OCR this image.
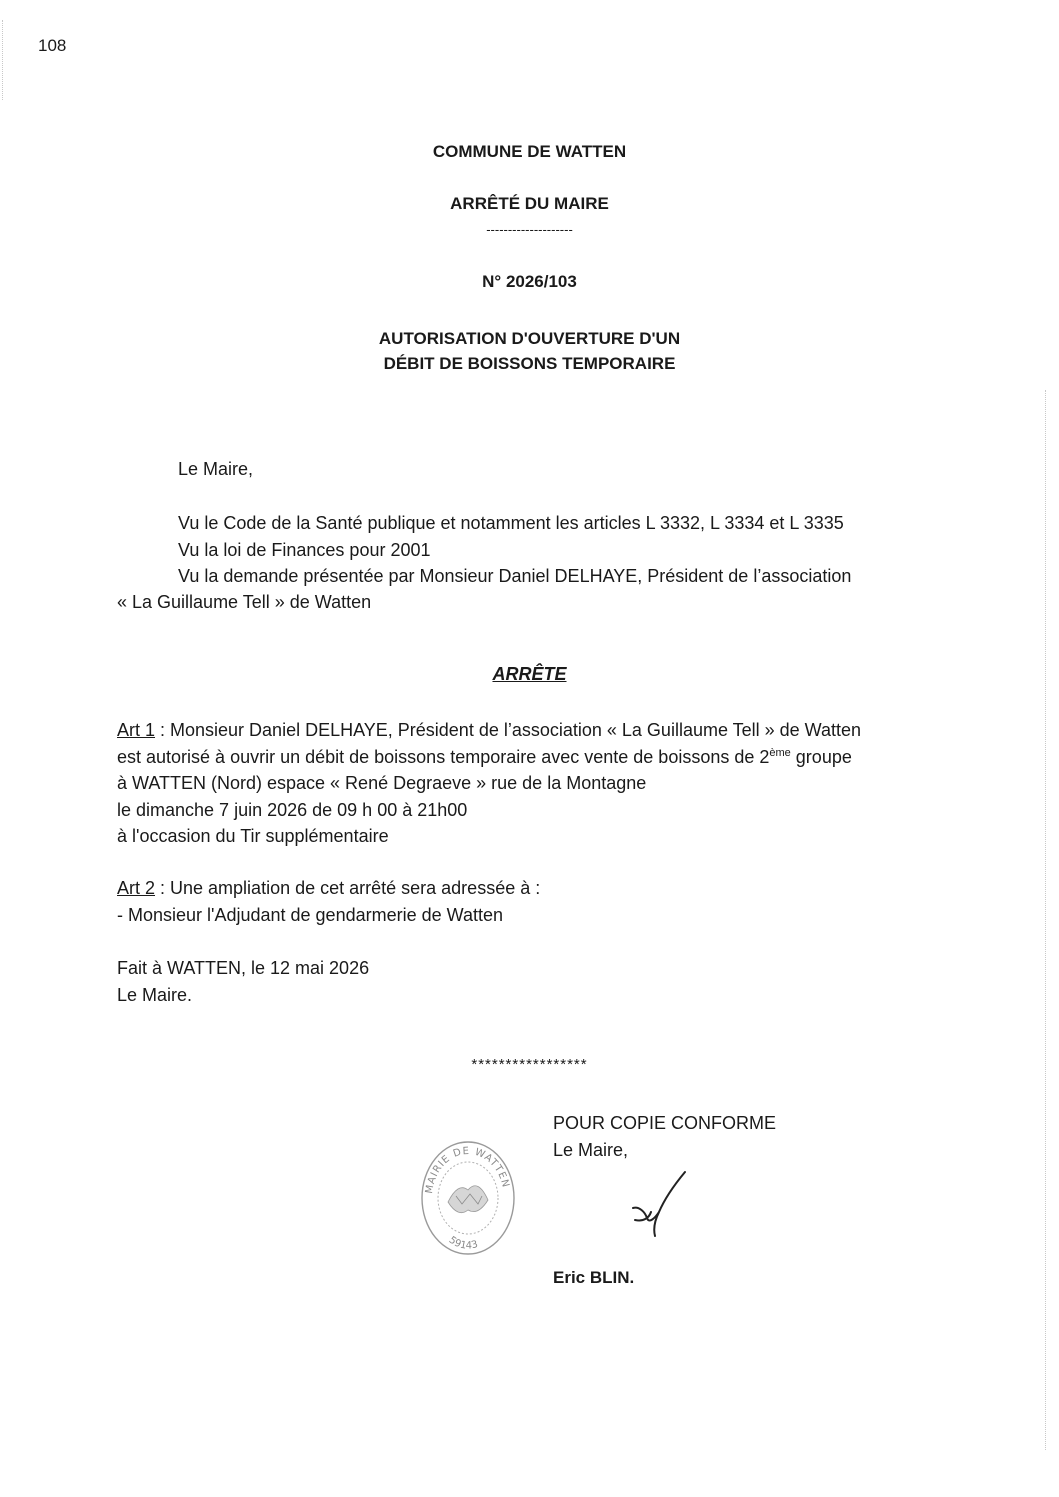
108
COMMUNE DE WATTEN
ARRÊTÉ DU MAIRE
--------------------
N° 2026/103
AUTORISATION D'OUVERTURE D'UN
DÉBIT DE BOISSONS TEMPORAIRE
Le Maire,
Vu le Code de la Santé publique et notamment les articles L 3332, L 3334 et L 3335
Vu la loi de Finances pour 2001
Vu la demande présentée par Monsieur Daniel DELHAYE, Président de l’association
« La Guillaume Tell » de Watten
ARRÊTE
Art 1 : Monsieur Daniel DELHAYE, Président de l’association « La Guillaume Tell » de Watten
est autorisé à ouvrir un débit de boissons temporaire avec vente de boissons de 2ème groupe
à WATTEN (Nord) espace « René Degraeve » rue de la Montagne
le dimanche 7 juin 2026 de 09 h 00 à 21h00
à l'occasion du Tir supplémentaire
Art 2 : Une ampliation de cet arrêté sera adressée à :
- Monsieur l'Adjudant de gendarmerie de Watten
Fait à WATTEN, le 12 mai 2026
Le Maire.
*****************
POUR COPIE CONFORME
Le Maire,
MAIRIE DE WATTEN
59143
Eric BLIN.
